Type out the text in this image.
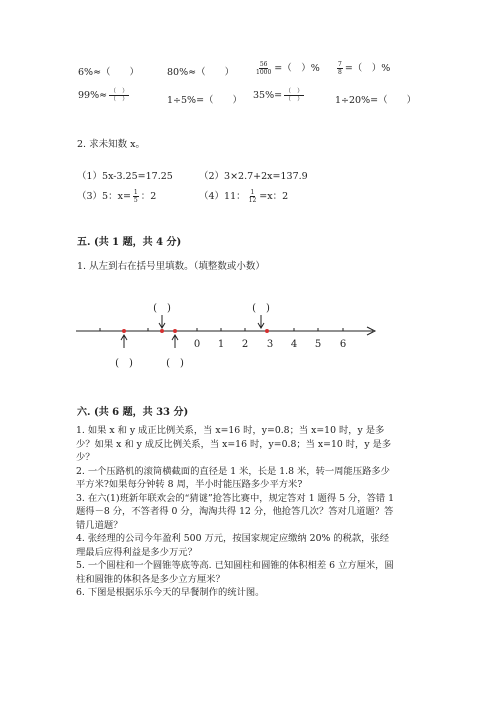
6%≈（　　）	80%≈（　　）	$\frac{56}{1000}$ =（　）%	$\frac{7}{8}$ =（　）%
$99\%\approx \frac{( )}{( )}$	1÷5%=（　　） $35\%= \frac{( )}{( )}$	1÷20%=（　　）
2. 求未知数 x。
（1）5x-3.25=17.25	（2）3×2.7+2x=137.9
（3）5：$x= \frac{1}{5}$ ：2	（4）11： $\frac{1}{12} =x$：2
五. (共 1 题，共 4 分)
1. 从左到右在括号里填数。（填整数或小数）
0 1 2 3 4 5 6
(　)	(　)
(　)	(　)
六. (共 6 题，共 33 分)
1. 如果 x 和 y 成正比例关系，当 x=16 时，y=0.8；当 x=10 时，y 是多少？如果 x 和 y 成反比例关系，当 x=16 时，y=0.8；当 x=10 时，y 是多少？
2. 一个压路机的滚筒横截面的直径是 1 米，长是 1.8 米，转一周能压路多少平方米?如果每分钟转 8 周，半小时能压路多少平方米?
3. 在六(1)班新年联欢会的“猜谜”抢答比赛中，规定答对 1 题得 5 分，答错 1 题得－8 分，不答者得 0 分，淘淘共得 12 分，他抢答几次？答对几道题？答错几道题？
4. 张经理的公司今年盈利 500 万元，按国家规定应缴纳 20% 的税款，张经理最后应得利益是多少万元？
5. 一个圆柱和一个圆锥等底等高. 已知圆柱和圆锥的体积相差 6 立方厘米，圆柱和圆锥的体积各是多少立方厘米？
6. 下图是根据乐乐今天的早餐制作的统计图。
